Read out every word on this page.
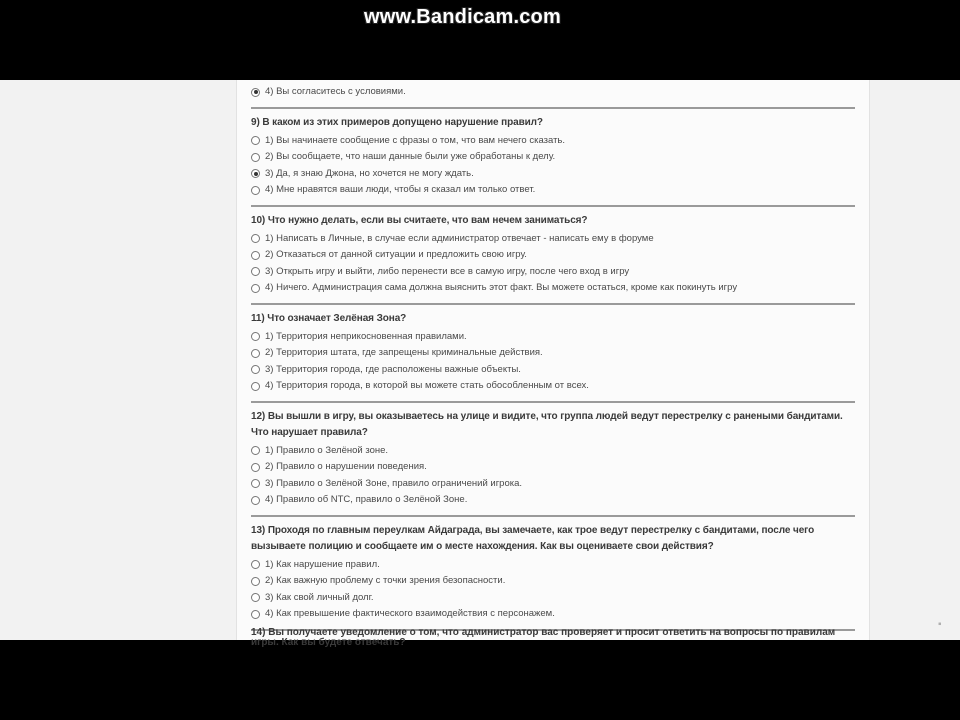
4) Вы согласитесь с условиями.
9) В каком из этих примеров допущено нарушение правил?
1) Вы начинаете сообщение с фразы о том, что вам нечего сказать.
2) Вы сообщаете, что наши данные были уже обработаны к делу.
3) Да, я знаю Джона, но хочется не могу ждать.
4) Мне нравятся ваши люди, чтобы я сказал им только ответ.
10) Что нужно делать, если вы считаете, что вам нечем заниматься?
1) Написать в Личные, в случае если администратор отвечает - написать ему в форуме
2) Отказаться от данной ситуации и предложить свою игру.
3) Открыть игру и выйти, либо перенести все в самую игру, после чего вход в игру
4) Ничего. Администрация сама должна выяснить этот факт. Вы можете остаться, кроме как покинуть игру
11) Что означает Зелёная Зона?
1) Территория неприкосновенная правилами.
2) Территория штата, где запрещены криминальные действия.
3) Территория города, где расположены важные объекты.
4) Территория города, в которой вы можете стать обособленным от всех.
12) Вы вышли в игру, вы оказываетесь на улице и видите, что группа людей ведут перестрелку с ранеными бандитами. Что нарушает правила?
1) Правило о Зелёной зоне.
2) Правило о нарушении поведения.
3) Правило о Зелёной Зоне, правило ограничений игрока.
4) Правило об NTC, правило о Зелёной Зоне.
13) Проходя по главным переулкам Айдаграда, вы замечаете, как трое ведут перестрелку с бандитами, после чего вызываете полицию и сообщаете им о месте нахождения. Как вы оцениваете свои действия?
1) Как нарушение правил.
2) Как важную проблему с точки зрения безопасности.
3) Как свой личный долг.
4) Как превышение фактического взаимодействия с персонажем.
14) Вы получаете уведомление о том, что администратор вас проверяет и просит ответить на вопросы по правилам игры. Как вы будете отвечать?
▪
www.Bandicam.com
